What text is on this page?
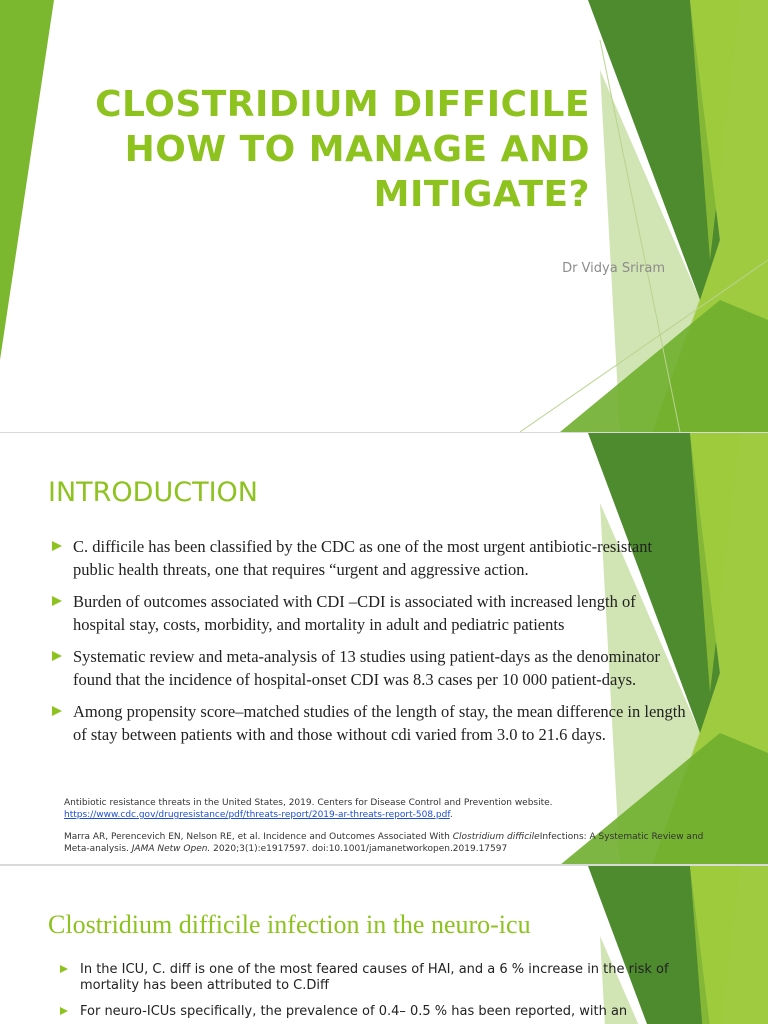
CLOSTRIDIUM DIFFICILE
HOW TO MANAGE AND
MITIGATE?
Dr Vidya Sriram
INTRODUCTION
C. difficile has been classified by the CDC as one of the most urgent antibiotic-resistant public health threats, one that requires “urgent and aggressive action.
Burden of outcomes associated with CDI –CDI is associated with increased length of hospital stay, costs, morbidity, and mortality in adult and pediatric patients
Systematic review and meta-analysis of 13 studies using patient-days as the denominator found that the incidence of hospital-onset CDI was 8.3 cases per 10 000 patient-days.
Among propensity score–matched studies of the length of stay, the mean difference in length of stay between patients with and those without cdi varied from 3.0 to 21.6 days.

Antibiotic resistance threats in the United States, 2019. Centers for Disease Control and Prevention website. https://www.cdc.gov/drugresistance/pdf/threats-report/2019-ar-threats-report-508.pdf.

Marra AR, Perencevich EN, Nelson RE, et al. Incidence and Outcomes Associated With Clostridium difficileInfections: A Systematic Review and Meta-analysis. JAMA Netw Open. 2020;3(1):e1917597. doi:10.1001/jamanetworkopen.2019.17597

Clostridium difficile infection in the neuro-icu
In the ICU, C. diff is one of the most feared causes of HAI, and a 6 % increase in the risk of mortality has been attributed to C.Diff
For neuro-ICUs specifically, the prevalence of 0.4– 0.5 % has been reported, with an
